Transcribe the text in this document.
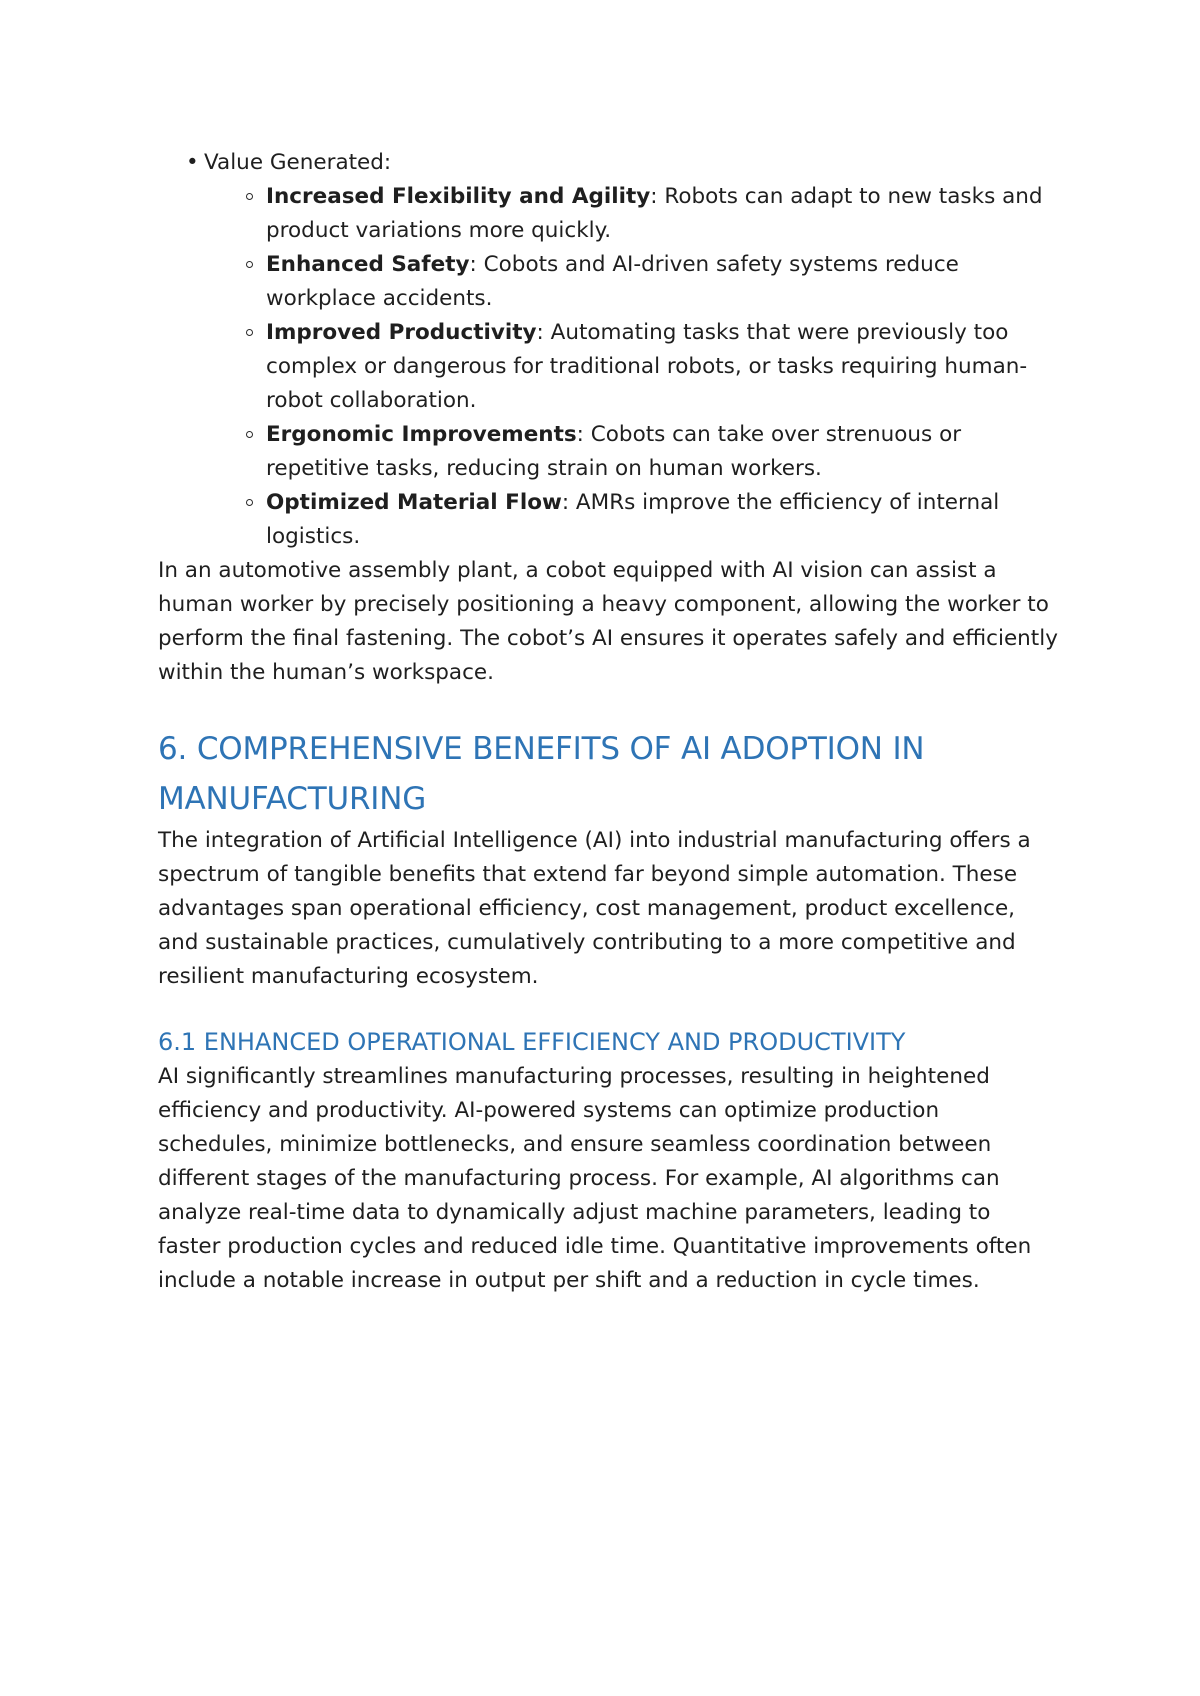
• Value Generated:
Increased Flexibility and Agility: Robots can adapt to new tasks and product variations more quickly.
Enhanced Safety: Cobots and AI-driven safety systems reduce workplace accidents.
Improved Productivity: Automating tasks that were previously too complex or dangerous for traditional robots, or tasks requiring human-robot collaboration.
Ergonomic Improvements: Cobots can take over strenuous or repetitive tasks, reducing strain on human workers.
Optimized Material Flow: AMRs improve the efficiency of internal logistics.

In an automotive assembly plant, a cobot equipped with AI vision can assist a human worker by precisely positioning a heavy component, allowing the worker to perform the final fastening. The cobot’s AI ensures it operates safely and efficiently within the human’s workspace.

6. COMPREHENSIVE BENEFITS OF AI ADOPTION IN MANUFACTURING

The integration of Artificial Intelligence (AI) into industrial manufacturing offers a spectrum of tangible benefits that extend far beyond simple automation. These advantages span operational efficiency, cost management, product excellence, and sustainable practices, cumulatively contributing to a more competitive and resilient manufacturing ecosystem.

6.1 ENHANCED OPERATIONAL EFFICIENCY AND PRODUCTIVITY

AI significantly streamlines manufacturing processes, resulting in heightened efficiency and productivity. AI-powered systems can optimize production schedules, minimize bottlenecks, and ensure seamless coordination between different stages of the manufacturing process. For example, AI algorithms can analyze real-time data to dynamically adjust machine parameters, leading to faster production cycles and reduced idle time. Quantitative improvements often include a notable increase in output per shift and a reduction in cycle times.
